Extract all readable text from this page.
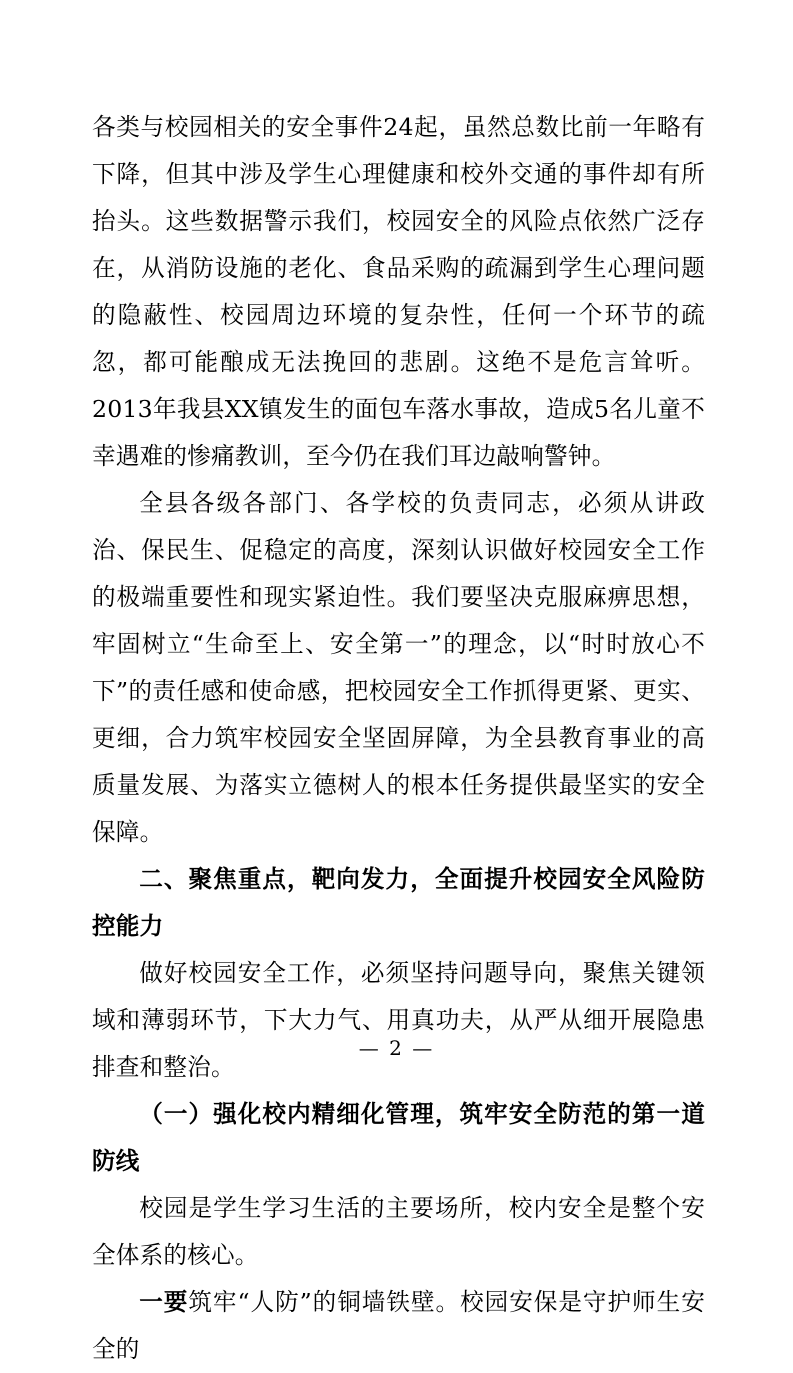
各类与校园相关的安全事件24起，虽然总数比前一年略有下降，但其中涉及学生心理健康和校外交通的事件却有所抬头。这些数据警示我们，校园安全的风险点依然广泛存在，从消防设施的老化、食品采购的疏漏到学生心理问题的隐蔽性、校园周边环境的复杂性，任何一个环节的疏忽，都可能酿成无法挽回的悲剧。这绝不是危言耸听。2013年我县XX镇发生的面包车落水事故，造成5名儿童不幸遇难的惨痛教训，至今仍在我们耳边敲响警钟。

全县各级各部门、各学校的负责同志，必须从讲政治、保民生、促稳定的高度，深刻认识做好校园安全工作的极端重要性和现实紧迫性。我们要坚决克服麻痹思想，牢固树立“生命至上、安全第一”的理念，以“时时放心不下”的责任感和使命感，把校园安全工作抓得更紧、更实、更细，合力筑牢校园安全坚固屏障，为全县教育事业的高质量发展、为落实立德树人的根本任务提供最坚实的安全保障。

二、聚焦重点，靶向发力，全面提升校园安全风险防控能力

做好校园安全工作，必须坚持问题导向，聚焦关键领域和薄弱环节，下大力气、用真功夫，从严从细开展隐患排查和整治。

（一）强化校内精细化管理，筑牢安全防范的第一道防线

校园是学生学习生活的主要场所，校内安全是整个安全体系的核心。

一要筑牢“人防”的铜墙铁壁。校园安保是守护师生安全的

— 2 —
